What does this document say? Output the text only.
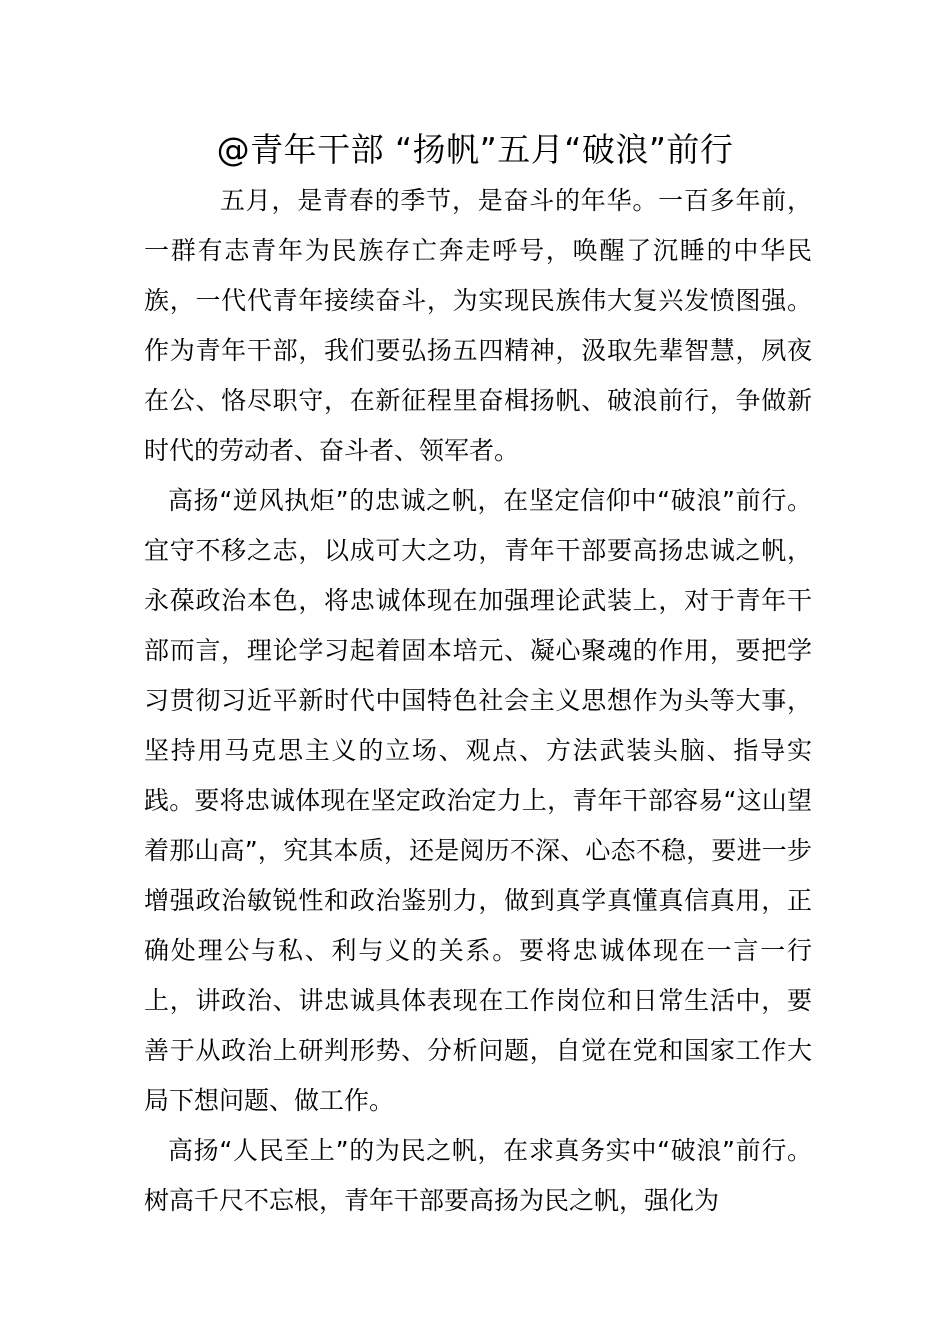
@青年干部 “扬帆”五月“破浪”前行

五月，是青春的季节，是奋斗的年华。一百多年前，一群有志青年为民族存亡奔走呼号，唤醒了沉睡的中华民族，一代代青年接续奋斗，为实现民族伟大复兴发愤图强。作为青年干部，我们要弘扬五四精神，汲取先辈智慧，夙夜在公、恪尽职守，在新征程里奋楫扬帆、破浪前行，争做新时代的劳动者、奋斗者、领军者。

高扬“逆风执炬”的忠诚之帆，在坚定信仰中“破浪”前行。宜守不移之志，以成可大之功，青年干部要高扬忠诚之帆，永葆政治本色，将忠诚体现在加强理论武装上，对于青年干部而言，理论学习起着固本培元、凝心聚魂的作用，要把学习贯彻习近平新时代中国特色社会主义思想作为头等大事，坚持用马克思主义的立场、观点、方法武装头脑、指导实践。要将忠诚体现在坚定政治定力上，青年干部容易“这山望着那山高”，究其本质，还是阅历不深、心态不稳，要进一步增强政治敏锐性和政治鉴别力，做到真学真懂真信真用，正确处理公与私、利与义的关系。要将忠诚体现在一言一行上，讲政治、讲忠诚具体表现在工作岗位和日常生活中，要善于从政治上研判形势、分析问题，自觉在党和国家工作大局下想问题、做工作。

高扬“人民至上”的为民之帆，在求真务实中“破浪”前行。树高千尺不忘根，青年干部要高扬为民之帆，强化为
